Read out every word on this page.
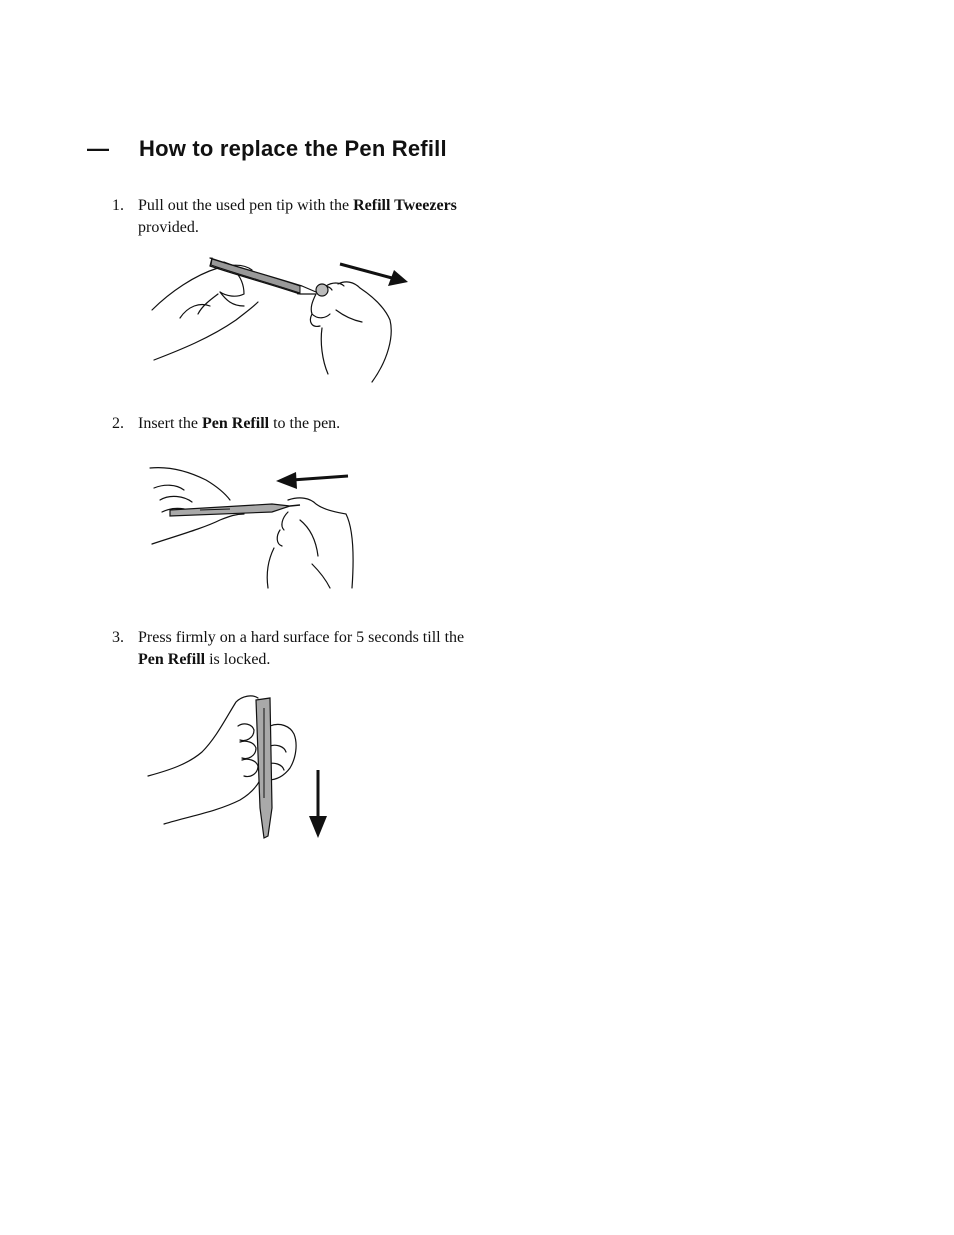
—	How to replace the Pen Refill
1. Pull out the used pen tip with the Refill Tweezers
provided.
2. Insert the Pen Refill to the pen.
3. Press firmly on a hard surface for 5 seconds till the
Pen Refill is locked.
